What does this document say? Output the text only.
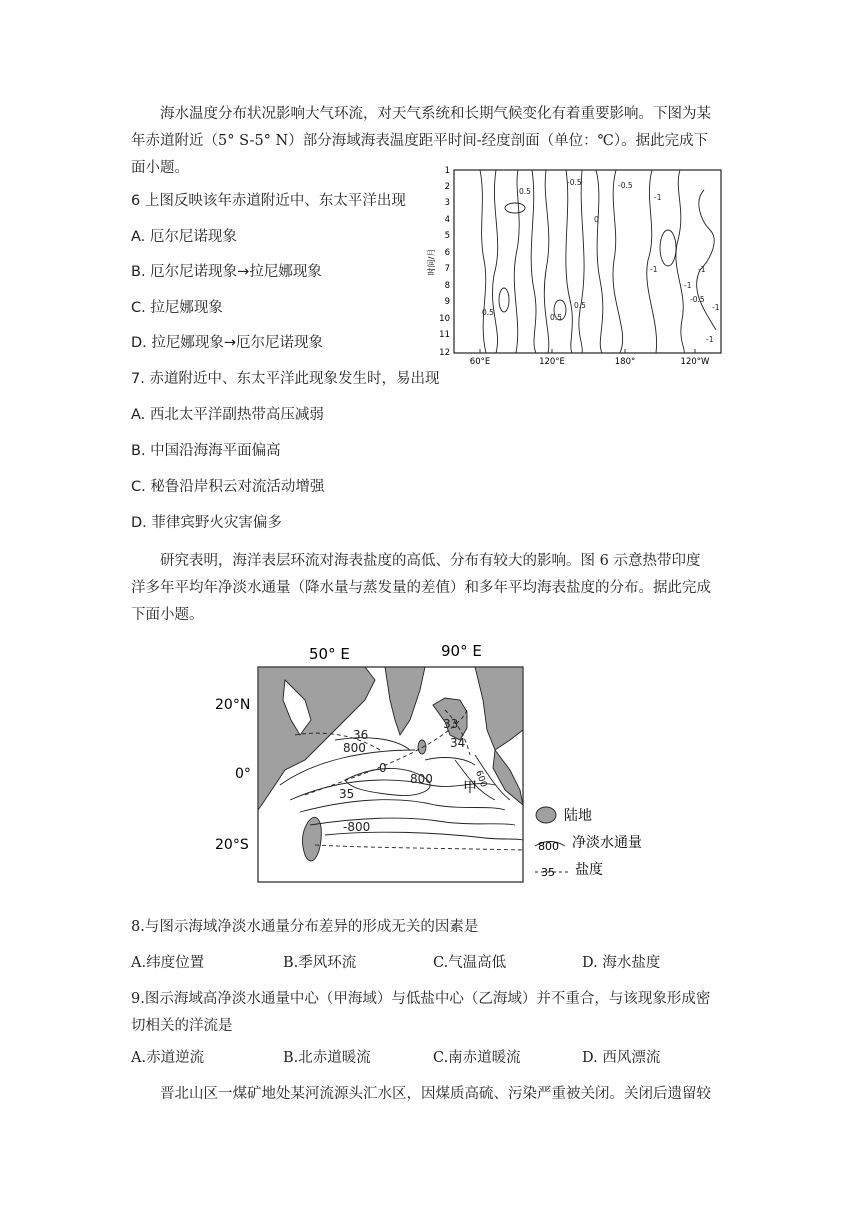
海水温度分布状况影响大气环流，对天气系统和长期气候变化有着重要影响。下图为某
年赤道附近（5° S-5° N）部分海域海表温度距平时间-经度剖面（单位：℃）。据此完成下
面小题。
6 上图反映该年赤道附近中、东太平洋出现
A. 厄尔尼诺现象
B. 厄尔尼诺现象→拉尼娜现象
C. 拉尼娜现象
D. 拉尼娜现象→厄尔尼诺现象
7. 赤道附近中、东太平洋此现象发生时，易出现
A. 西北太平洋副热带高压减弱
B. 中国沿海海平面偏高
C. 秘鲁沿岸积云对流活动增强
D. 菲律宾野火灾害偏多
时间/月
1
2
3
4
5
6
7
8
9
10
11
12
60°E	120°E	180°	120°W
0.5
-0.5	-0.5
-1
0
-1
-1
-0.5
-1
-1
0.5
0.5
0.5
-1
研究表明，海洋表层环流对海表盐度的高低、分布有较大的影响。图 6 示意热带印度
洋多年平均年净淡水通量（降水量与蒸发量的差值）和多年平均海表盐度的分布。据此完成
下面小题。
50° E	90° E
20°N
0°
20°S
36
800
0
33
34
800
35
-800
600
甲
陆地
800 净淡水通量
35 盐度
8.与图示海域净淡水通量分布差异的形成无关的因素是
A.纬度位置	B.季风环流	C.气温高低	D. 海水盐度
9.图示海域高净淡水通量中心（甲海域）与低盐中心（乙海域）并不重合，与该现象形成密
切相关的洋流是
A.赤道逆流	B.北赤道暖流	C.南赤道暖流	D. 西风漂流
晋北山区一煤矿地处某河流源头汇水区，因煤质高硫、污染严重被关闭。关闭后遗留较
